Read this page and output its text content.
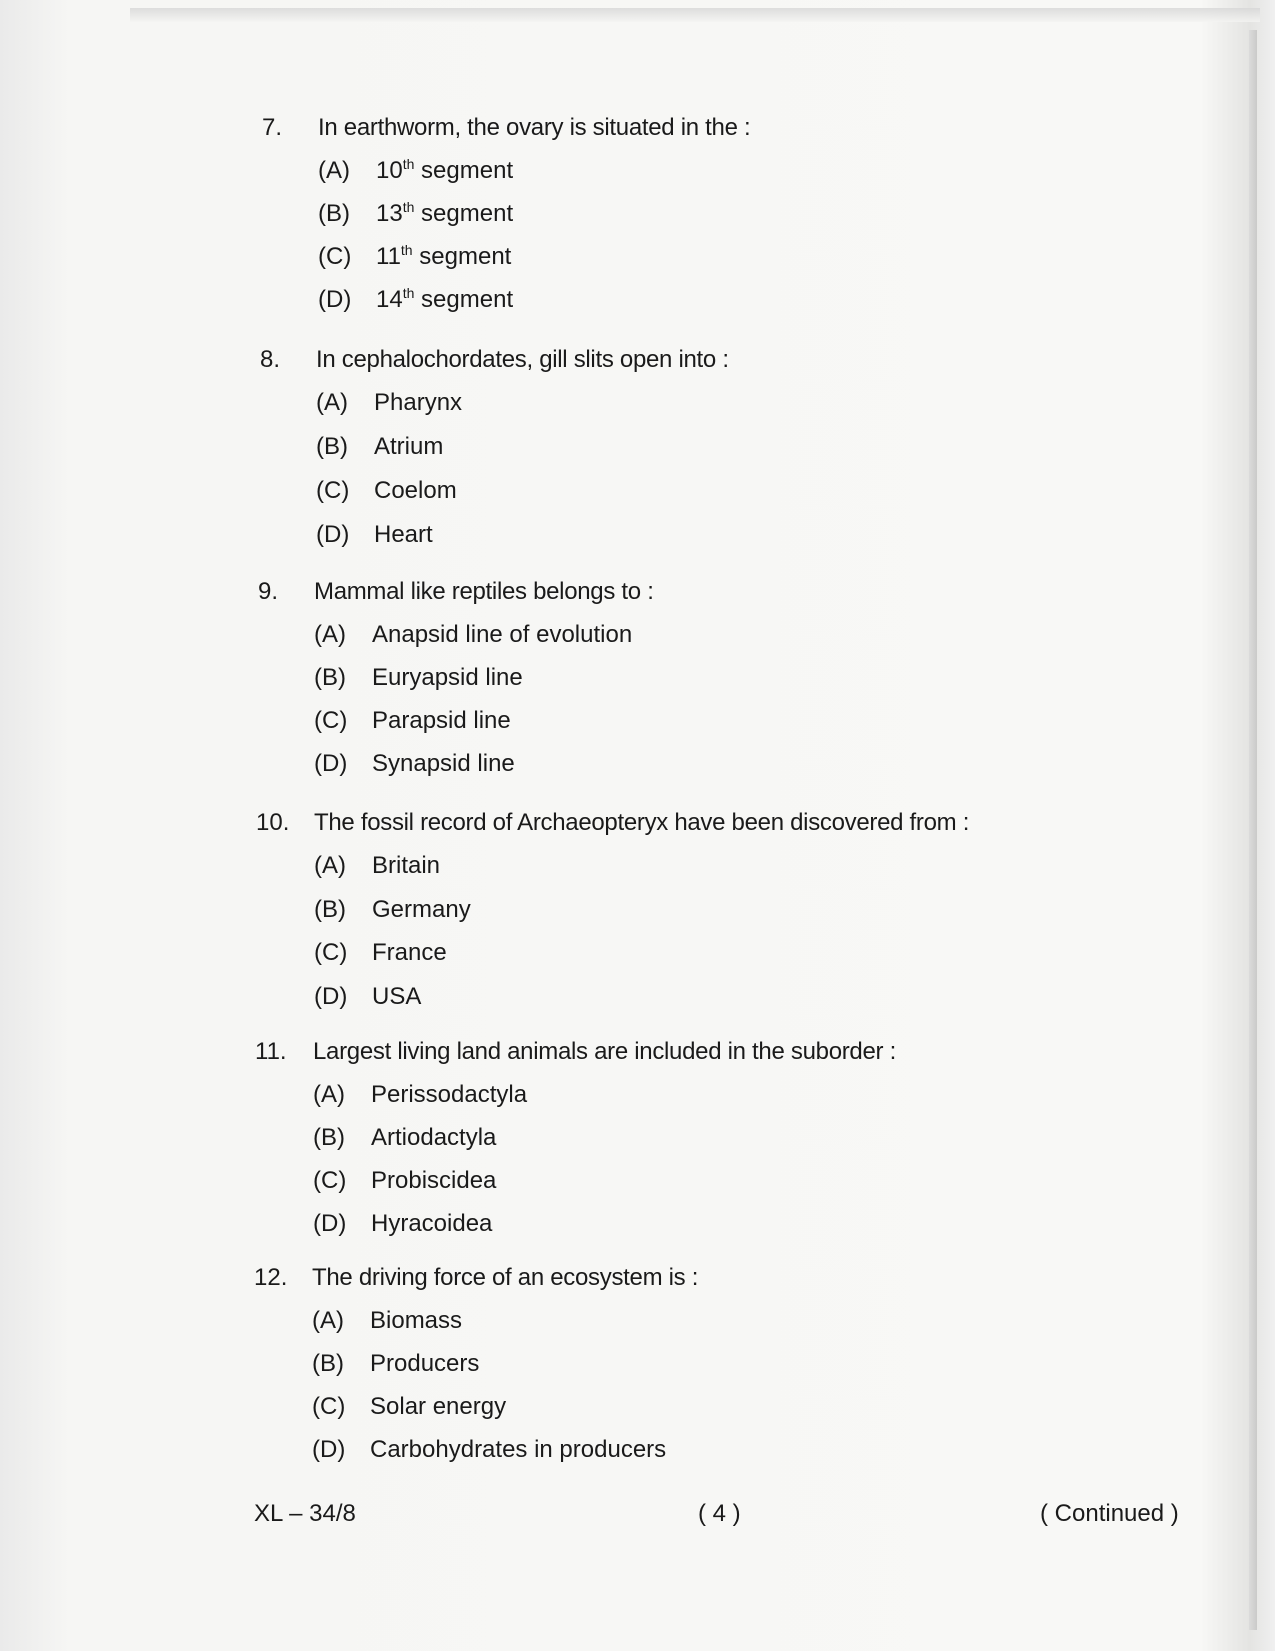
7. In earthworm, the ovary is situated in the :
(A) 10th segment
(B) 13th segment
(C) 11th segment
(D) 14th segment
8. In cephalochordates, gill slits open into :
(A) Pharynx
(B) Atrium
(C) Coelom
(D) Heart
9. Mammal like reptiles belongs to :
(A) Anapsid line of evolution
(B) Euryapsid line
(C) Parapsid line
(D) Synapsid line
10. The fossil record of Archaeopteryx have been discovered from :
(A) Britain
(B) Germany
(C) France
(D) USA
11. Largest living land animals are included in the suborder :
(A) Perissodactyla
(B) Artiodactyla
(C) Probiscidea
(D) Hyracoidea
12. The driving force of an ecosystem is :
(A) Biomass
(B) Producers
(C) Solar energy
(D) Carbohydrates in producers
XL – 34/8	( 4 )	( Continued )
